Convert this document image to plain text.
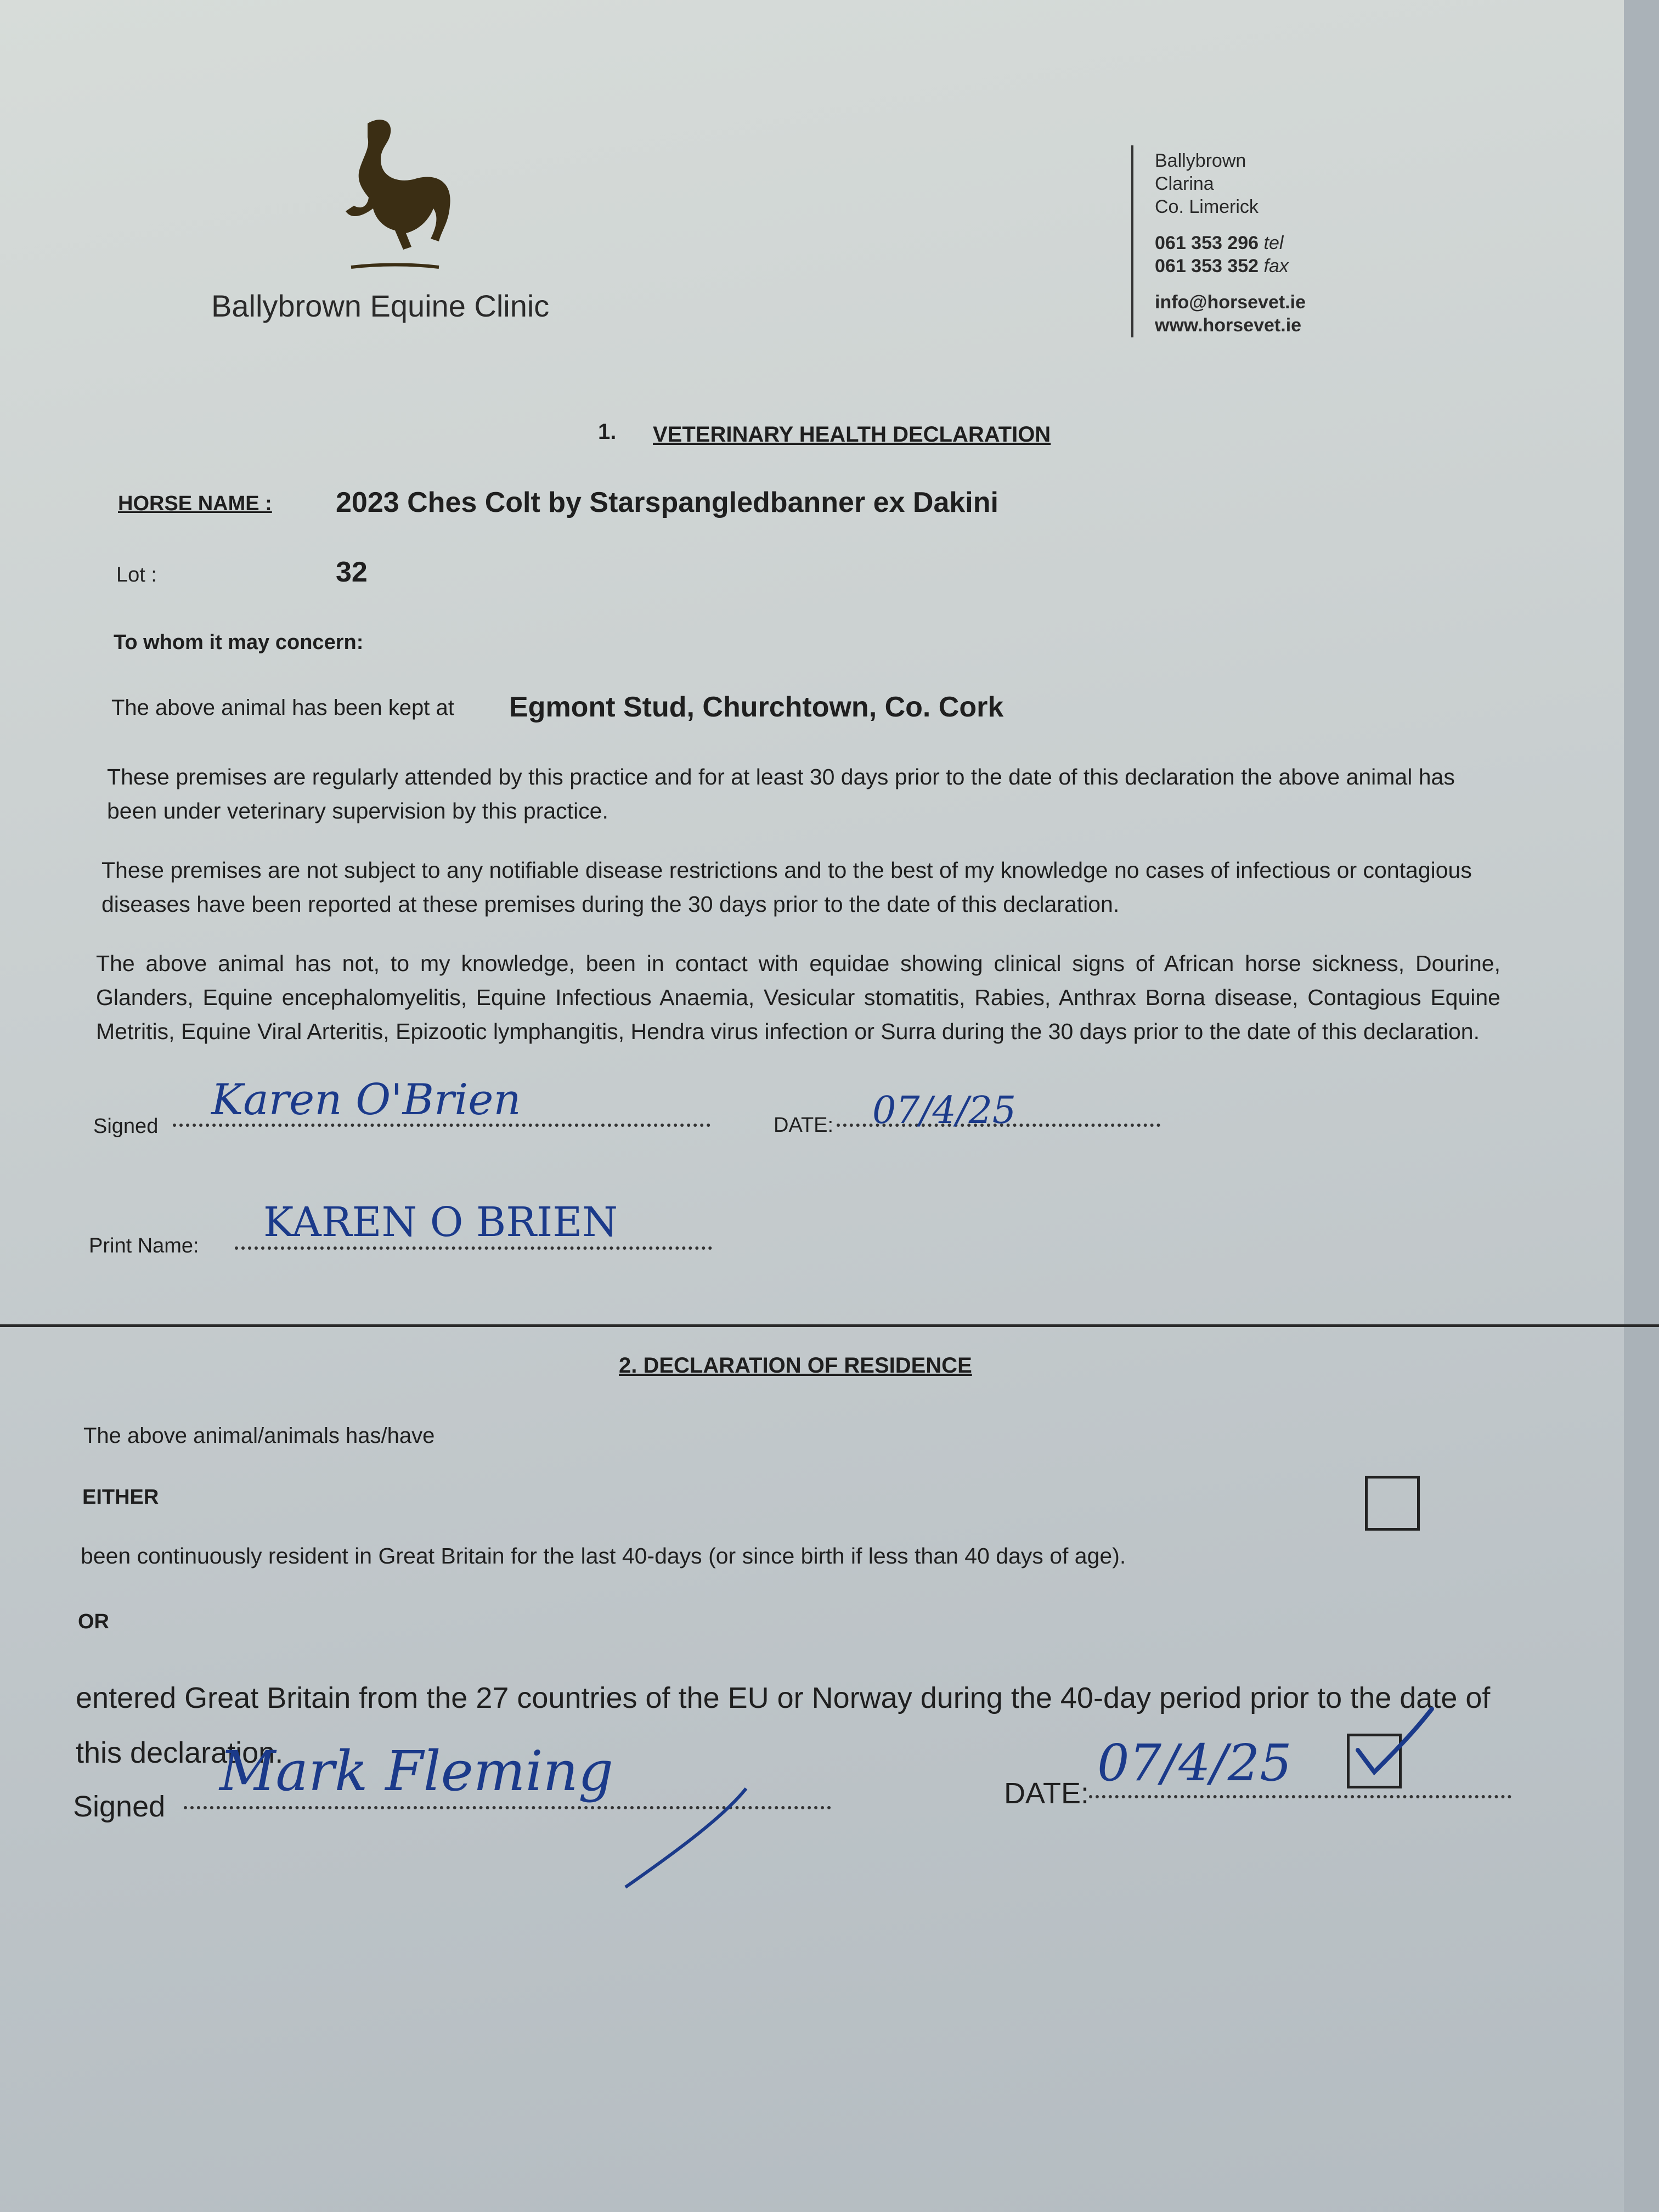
Ballybrown Equine Clinic
Ballybrown
Clarina
Co. Limerick
061 353 296 tel
061 353 352 fax
info@horsevet.ie
www.horsevet.ie
1. VETERINARY HEALTH DECLARATION
HORSE NAME : 2023 Ches Colt by Starspangledbanner ex Dakini
Lot :	32
To whom it may concern:
The above animal has been kept at Egmont Stud, Churchtown, Co. Cork
These premises are regularly attended by this practice and for at least 30 days prior to the date of this declaration the above animal has been under veterinary supervision by this practice.
These premises are not subject to any notifiable disease restrictions and to the best of my knowledge no cases of infectious or contagious diseases have been reported at these premises during the 30 days prior to the date of this declaration.
The above animal has not, to my knowledge, been in contact with equidae showing clinical signs of African horse sickness, Dourine, Glanders, Equine encephalomyelitis, Equine Infectious Anaemia, Vesicular stomatitis, Rabies, Anthrax Borna disease, Contagious Equine Metritis, Equine Viral Arteritis, Epizootic lymphangitis, Hendra virus infection or Surra during the 30 days prior to the date of this declaration.
Signed
Karen O'Brien
DATE: 07/4/25
Print Name: KAREN O BRIEN
2. DECLARATION OF RESIDENCE
The above animal/animals has/have
EITHER
been continuously resident in Great Britain for the last 40-days (or since birth if less than 40 days of age).
OR
entered Great Britain from the 27 countries of the EU or Norway during the 40-day period prior to the date of this declaration.
Signed
Mark Fleming	DATE:
07/4/25
